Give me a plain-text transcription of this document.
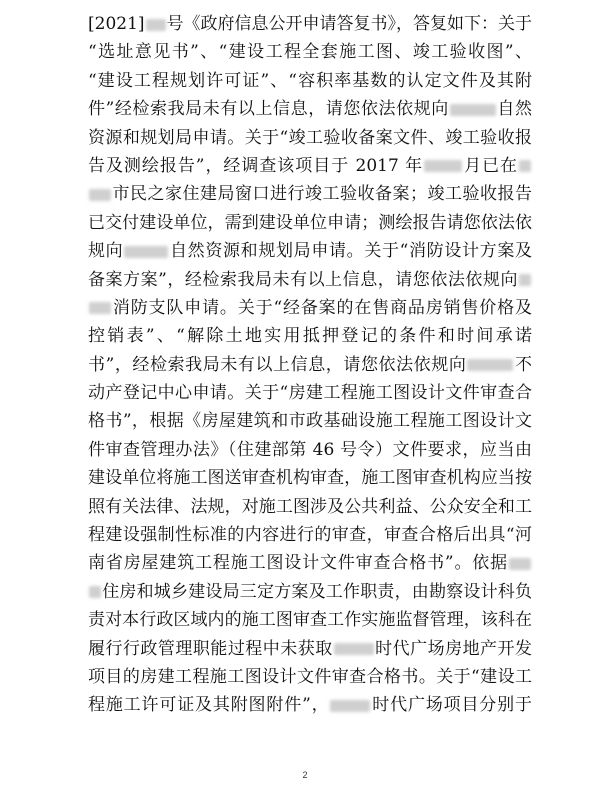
[2021] 号《政府信息公开申请答复书》，答复如下：关于
“选址意见书”、“建设工程全套施工图、竣工验收图”、
“建设工程规划许可证”、“容积率基数的认定文件及其附
件”经检索我局未有以上信息，请您依法依规向	自然
资源和规划局申请。关于“竣工验收备案文件、竣工验收报
告及测绘报告”，经调查该项目于 2017 年 月已在
市民之家住建局窗口进行竣工验收备案；竣工验收报告
已交付建设单位，需到建设单位申请；测绘报告请您依法依
规向	自然资源和规划局申请。关于“消防设计方案及
备案方案”，经检索我局未有以上信息，请您依法依规向
消防支队申请。关于“经备案的在售商品房销售价格及
控销表”、“解除土地实用抵押登记的条件和时间承诺
书”，经检索我局未有以上信息，请您依法依规向	不
动产登记中心申请。关于“房建工程施工图设计文件审查合
格书”，根据《房屋建筑和市政基础设施工程施工图设计文
件审查管理办法》（住建部第 46 号令）文件要求，应当由
建设单位将施工图送审查机构审查，施工图审查机构应当按
照有关法律、法规，对施工图涉及公共利益、公众安全和工
程建设强制性标准的内容进行的审查，审查合格后出具“河
南省房屋建筑工程施工图设计文件审查合格书”。依据
住房和城乡建设局三定方案及工作职责，由勘察设计科负
责对本行政区域内的施工图审查工作实施监督管理，该科在
履行行政管理职能过程中未获取 时代广场房地产开发
项目的房建工程施工图设计文件审查合格书。关于“建设工
程施工许可证及其附图附件”， 时代广场项目分别于
2
